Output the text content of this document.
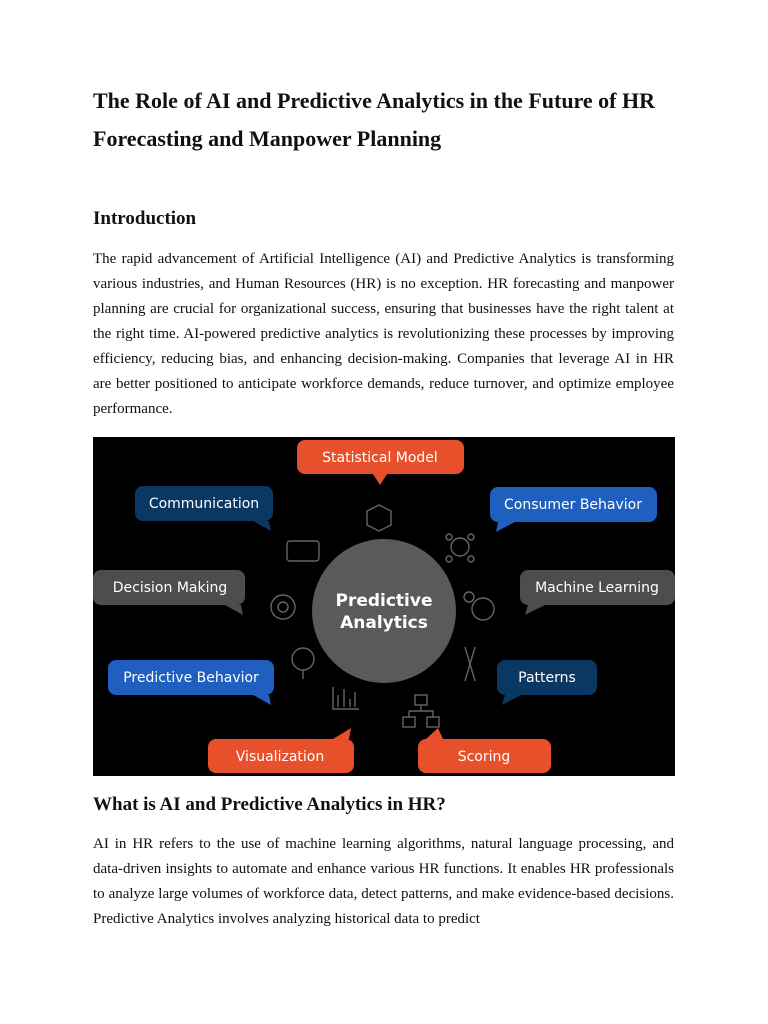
The Role of AI and Predictive Analytics in the Future of HR Forecasting and Manpower Planning
Introduction

The rapid advancement of Artificial Intelligence (AI) and Predictive Analytics is transforming various industries, and Human Resources (HR) is no exception. HR forecasting and manpower planning are crucial for organizational success, ensuring that businesses have the right talent at the right time. AI-powered predictive analytics is revolutionizing these processes by improving efficiency, reducing bias, and enhancing decision-making. Companies that leverage AI in HR are better positioned to anticipate workforce demands, reduce turnover, and optimize employee performance.

What is AI and Predictive Analytics in HR?

AI in HR refers to the use of machine learning algorithms, natural language processing, and data-driven insights to automate and enhance various HR functions. It enables HR professionals to analyze large volumes of workforce data, detect patterns, and make evidence-based decisions. Predictive Analytics involves analyzing historical data to predict

Predictive
Analytics
Statistical Model
Communication	Consumer Behavior
Decision Making	Machine Learning
Predictive Behavior	Patterns
Visualization	Scoring
